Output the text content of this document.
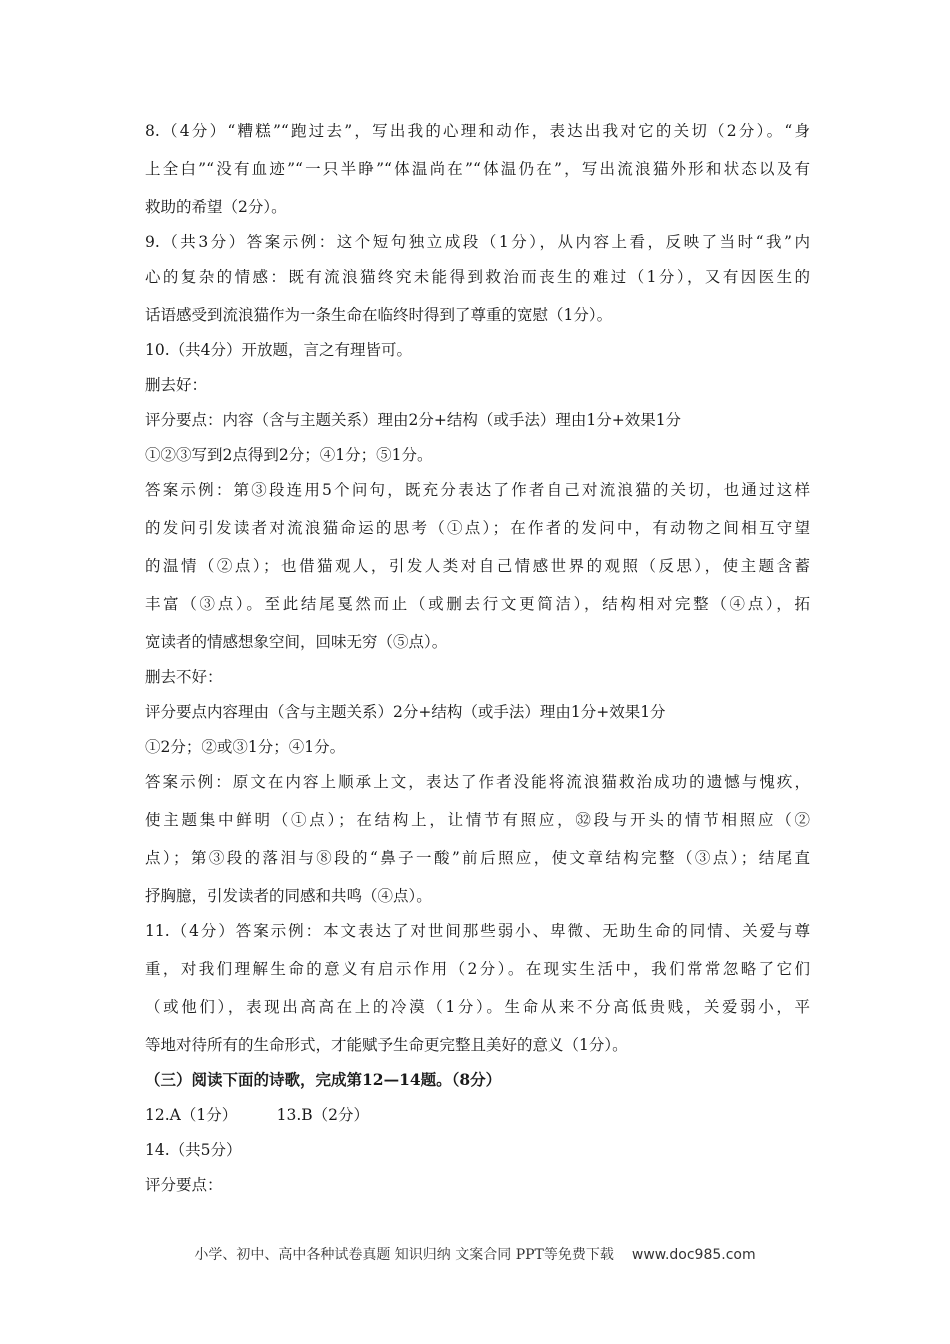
8.（4分）“糟糕”“跑过去”，写出我的心理和动作，表达出我对它的关切（2分）。“身
上全白”“没有血迹”“一只半睁”“体温尚在”“体温仍在”，写出流浪猫外形和状态以及有
救助的希望（2分）。
9.（共3分）答案示例：这个短句独立成段（1分），从内容上看，反映了当时“我”内
心的复杂的情感：既有流浪猫终究未能得到救治而丧生的难过（1分），又有因医生的
话语感受到流浪猫作为一条生命在临终时得到了尊重的宽慰（1分）。
10.（共4分）开放题，言之有理皆可。
删去好：
评分要点：内容（含与主题关系）理由2分+结构（或手法）理由1分+效果1分
①②③写到2点得到2分；④1分；⑤1分。
答案示例：第③段连用5个问句，既充分表达了作者自己对流浪猫的关切，也通过这样
的发问引发读者对流浪猫命运的思考（①点）；在作者的发问中，有动物之间相互守望
的温情（②点）；也借猫观人，引发人类对自己情感世界的观照（反思），使主题含蓄
丰富（③点）。至此结尾戛然而止（或删去行文更简洁），结构相对完整（④点），拓
宽读者的情感想象空间，回味无穷（⑤点）。
删去不好：
评分要点内容理由（含与主题关系）2分+结构（或手法）理由1分+效果1分
①2分；②或③1分；④1分。
答案示例：原文在内容上顺承上文，表达了作者没能将流浪猫救治成功的遗憾与愧疚，
使主题集中鲜明（①点）；在结构上，让情节有照应，㉜段与开头的情节相照应（②
点）；第③段的落泪与⑧段的“鼻子一酸”前后照应，使文章结构完整（③点）；结尾直
抒胸臆，引发读者的同感和共鸣（④点）。
11.（4分）答案示例：本文表达了对世间那些弱小、卑微、无助生命的同情、关爱与尊
重，对我们理解生命的意义有启示作用（2分）。在现实生活中，我们常常忽略了它们
（或他们），表现出高高在上的冷漠（1分）。生命从来不分高低贵贱，关爱弱小，平
等地对待所有的生命形式，才能赋予生命更完整且美好的意义（1分）。
（三）阅读下面的诗歌，完成第12—14题。（8分）
12.A（1分）        13.B（2分）
14.（共5分）
评分要点：
小学、初中、高中各种试卷真题 知识归纳 文案合同 PPT等免费下载 www.doc985.com
